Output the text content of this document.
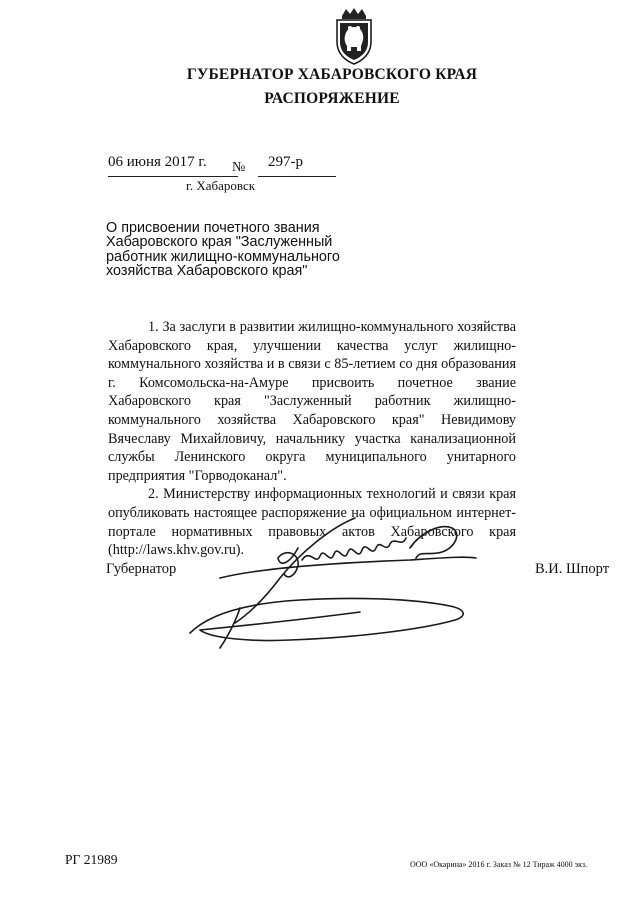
ГУБЕРНАТОР ХАБАРОВСКОГО КРАЯ
РАСПОРЯЖЕНИЕ
06 июня 2017 г.	№ 297-р
г. Хабаровск
О присвоении почетного звания
Хабаровского края "Заслуженный
работник жилищно-коммунального
хозяйства Хабаровского края"

1. За заслуги в развитии жилищно-коммунального хозяйства Хабаровского края, улучшении качества услуг жилищно-коммунального хозяйства и в связи с 85-летием со дня образования г. Комсомольска-на-Амуре присвоить почетное звание Хабаровского края "Заслуженный работник жилищно-коммунального хозяйства Хабаровского края" Невидимову Вячеславу Михайловичу, начальнику участка канализационной службы Ленинского округа муниципального унитарного предприятия "Горводоканал".

2. Министерству информационных технологий и связи края опубликовать настоящее распоряжение на официальном интернет-портале нормативных правовых актов Хабаровского края (http://laws.khv.gov.ru).

Губернатор	В.И. Шпорт
РГ 21989	ООО «Окарина» 2016 г. Заказ № 12 Тираж 4000 экз.
